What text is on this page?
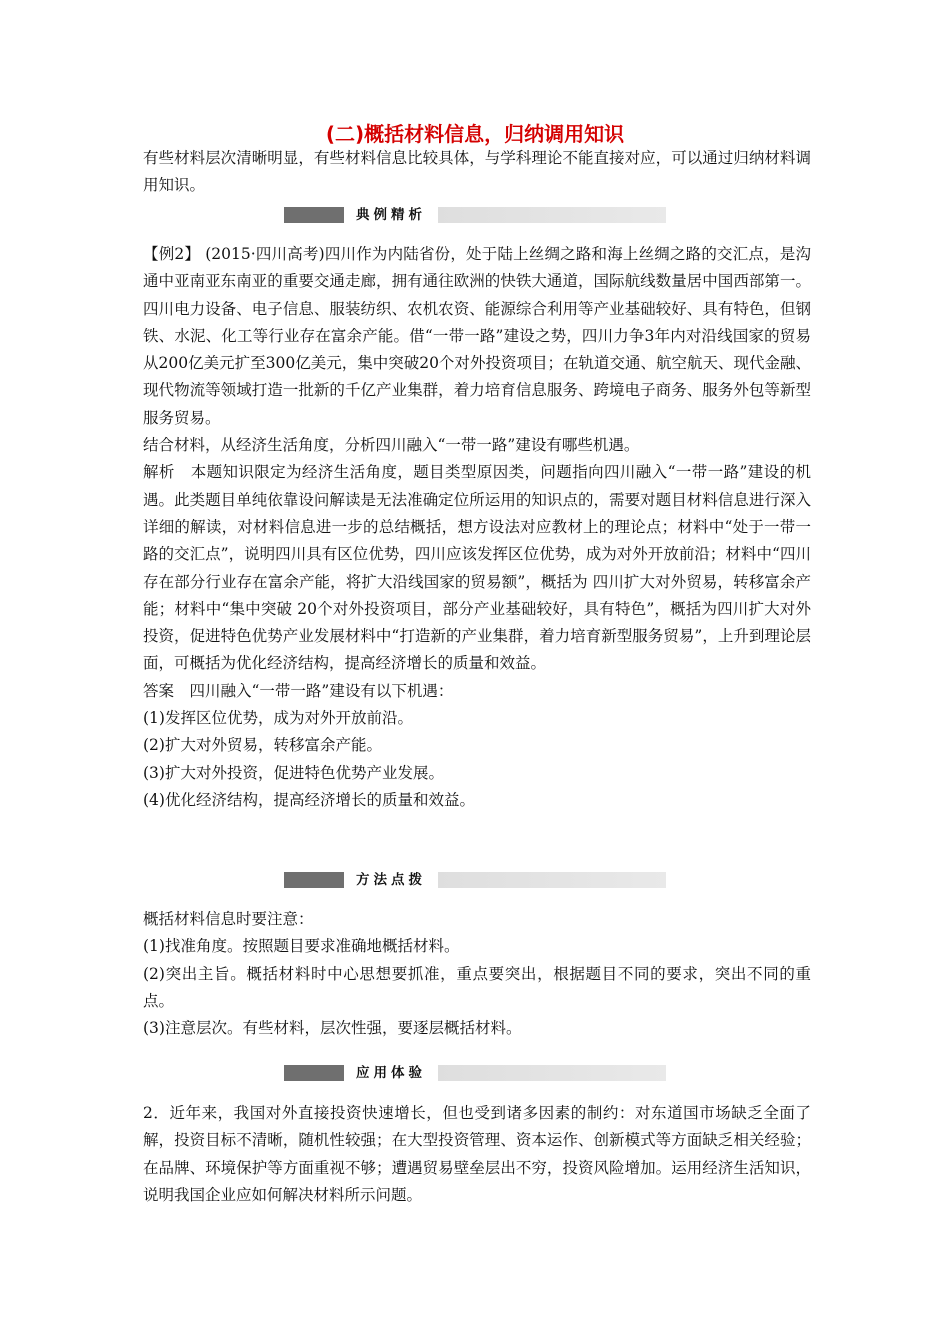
(二)概括材料信息，归纳调用知识

有些材料层次清晰明显，有些材料信息比较具体，与学科理论不能直接对应，可以通过归纳材料调用知识。

典例精析

【例2】 (2015·四川高考)四川作为内陆省份，处于陆上丝绸之路和海上丝绸之路的交汇点，是沟通中亚南亚东南亚的重要交通走廊，拥有通往欧洲的快铁大通道，国际航线数量居中国西部第一。四川电力设备、电子信息、服装纺织、农机农资、能源综合利用等产业基础较好、具有特色，但钢铁、水泥、化工等行业存在富余产能。借“一带一路”建设之势，四川力争3年内对沿线国家的贸易从200亿美元扩至300亿美元，集中突破20个对外投资项目；在轨道交通、航空航天、现代金融、现代物流等领域打造一批新的千亿产业集群，着力培育信息服务、跨境电子商务、服务外包等新型服务贸易。

结合材料，从经济生活角度，分析四川融入“一带一路”建设有哪些机遇。

解析　本题知识限定为经济生活角度，题目类型原因类，问题指向四川融入“一带一路”建设的机遇。此类题目单纯依靠设问解读是无法准确定位所运用的知识点的，需要对题目材料信息进行深入详细的解读，对材料信息进一步的总结概括，想方设法对应教材上的理论点；材料中“处于一带一路的交汇点”，说明四川具有区位优势，四川应该发挥区位优势，成为对外开放前沿；材料中“四川存在部分行业存在富余产能，将扩大沿线国家的贸易额”，概括为 四川扩大对外贸易，转移富余产能；材料中“集中突破 20个对外投资项目，部分产业基础较好，具有特色”，概括为四川扩大对外投资，促进特色优势产业发展材料中“打造新的产业集群，着力培育新型服务贸易”，上升到理论层面，可概括为优化经济结构，提高经济增长的质量和效益。

答案　四川融入“一带一路”建设有以下机遇：

(1)发挥区位优势，成为对外开放前沿。

(2)扩大对外贸易，转移富余产能。

(3)扩大对外投资，促进特色优势产业发展。

(4)优化经济结构，提高经济增长的质量和效益。

方法点拨

概括材料信息时要注意：

(1)找准角度。按照题目要求准确地概括材料。

(2)突出主旨。概括材料时中心思想要抓准，重点要突出，根据题目不同的要求，突出不同的重点。

(3)注意层次。有些材料，层次性强，要逐层概括材料。

应用体验

2．近年来，我国对外直接投资快速增长，但也受到诸多因素的制约：对东道国市场缺乏全面了解，投资目标不清晰，随机性较强；在大型投资管理、资本运作、创新模式等方面缺乏相关经验；在品牌、环境保护等方面重视不够；遭遇贸易壁垒层出不穷，投资风险增加。运用经济生活知识，说明我国企业应如何解决材料所示问题。
